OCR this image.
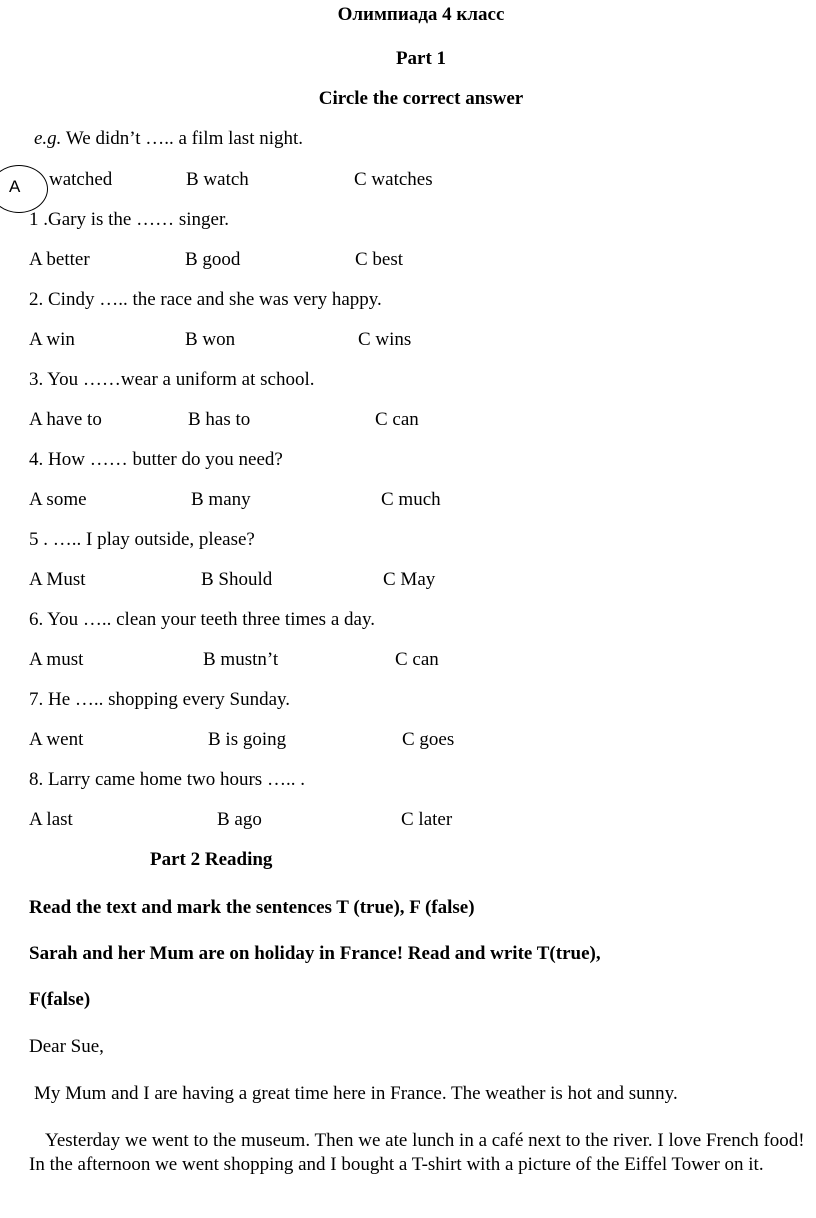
Олимпиада 4 класс
Part 1
Circle the correct answer
e.g. We didn’t ….. a film last night.
A watched	B watch	C watches
1 .Gary is the …… singer.
A better	B good	C best
2. Cindy ….. the race and she was very happy.
A win	B won	C wins
3. You ……wear a uniform at school.
A have to	B has to	C can
4. How …… butter do you need?
A some	B many	C much
5 . ….. I play outside, please?
A Must	B Should	C May
6. You ….. clean your teeth three times a day.
A must	B mustn’t	C can
7. He ….. shopping every Sunday.
A went	B is going	C goes
8. Larry came home two hours ….. .
A last	B ago	C later
Part 2 Reading
Read the text and mark the sentences T (true), F (false)
Sarah and her Mum are on holiday in France! Read and write T(true),
F(false)
Dear Sue,
My Mum and I are having a great time here in France. The weather is hot and sunny.
Yesterday we went to the museum. Then we ate lunch in a café next to the river. I love French food! In the afternoon we went shopping and I bought a T-shirt with a picture of the Eiffel Tower on it.
